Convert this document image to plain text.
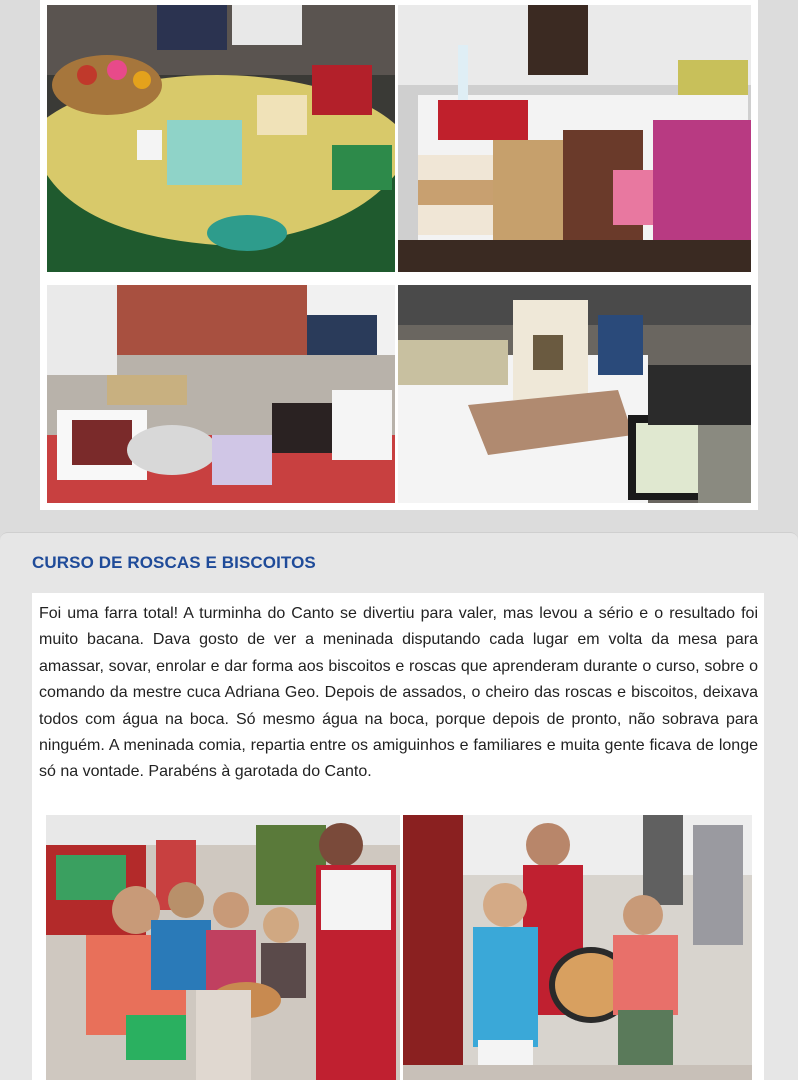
CURSO DE ROSCAS E BISCOITOS

Foi uma farra total! A turminha do Canto se divertiu para valer, mas levou a sério e o resultado foi muito bacana. Dava gosto de ver a meninada disputando cada lugar em volta da mesa para amassar, sovar, enrolar e dar forma aos biscoitos e roscas que aprenderam durante o curso, sobre o comando da mestre cuca Adriana Geo. Depois de assados, o cheiro das roscas e biscoitos, deixava todos com água na boca. Só mesmo água na boca, porque depois de pronto, não sobrava para ninguém. A meninada comia, repartia entre os amiguinhos e familiares e muita gente ficava de longe só na vontade. Parabéns à garotada do Canto.
